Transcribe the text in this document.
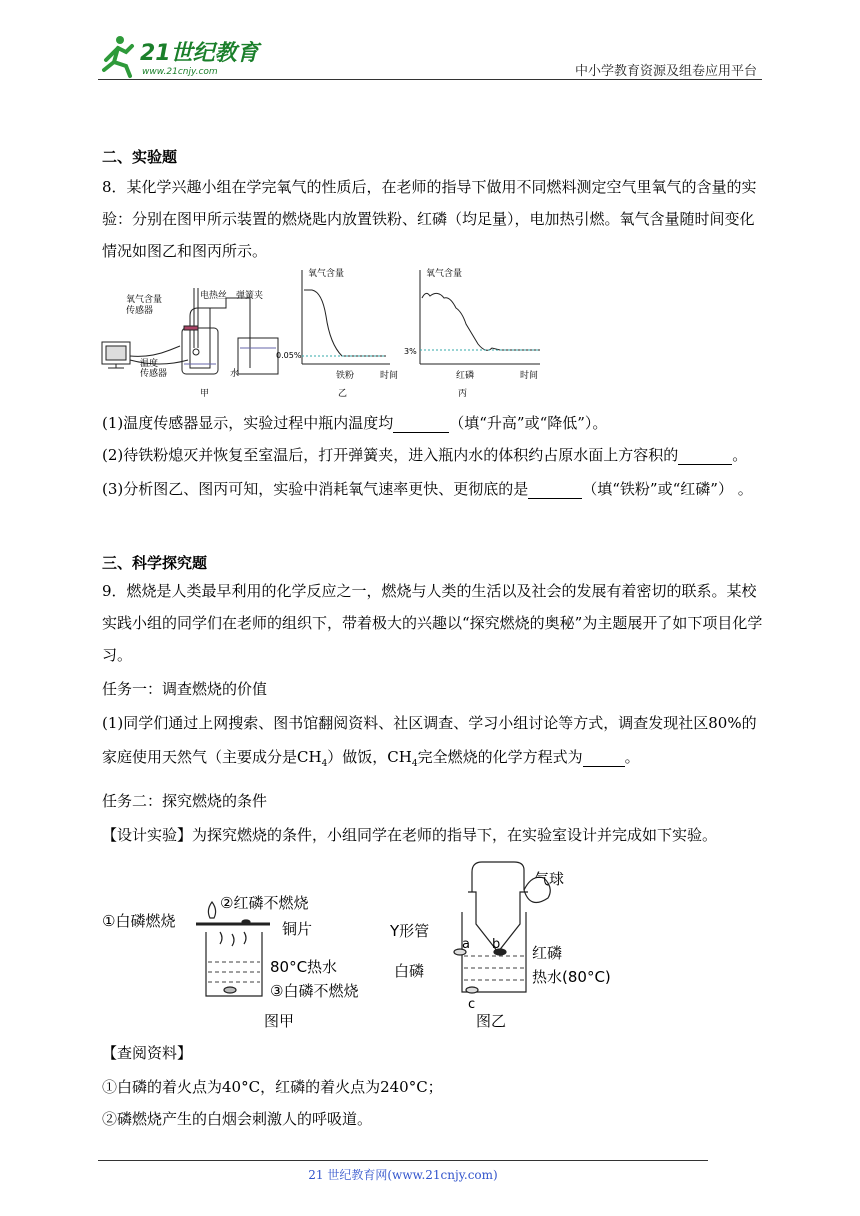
21世纪教育
www.21cnjy.com	中小学教育资源及组卷应用平台
二、实验题
8．某化学兴趣小组在学完氧气的性质后，在老师的指导下做用不同燃料测定空气里氧气的含量的实
验：分别在图甲所示装置的燃烧匙内放置铁粉、红磷（均足量），电加热引燃。氧气含量随时间变化
情况如图乙和图丙所示。
氧气含量
传感器
电热丝 弹簧夹
温度
传感器	水
甲
氧气含量
0.05%
铁粉	时间
乙
氧气含量
3%
红磷	时间
丙
(1)温度传感器显示，实验过程中瓶内温度均	（填“升高”或“降低”）。
(2)待铁粉熄灭并恢复至室温后，打开弹簧夹，进入瓶内水的体积约占原水面上方容积的	。
(3)分析图乙、图丙可知，实验中消耗氧气速率更快、更彻底的是	（填“铁粉”或“红磷”） 。
三、科学探究题
9．燃烧是人类最早利用的化学反应之一，燃烧与人类的生活以及社会的发展有着密切的联系。某校
实践小组的同学们在老师的组织下，带着极大的兴趣以“探究燃烧的奥秘”为主题展开了如下项目化学
习。
任务一：调查燃烧的价值
(1)同学们通过上网搜索、图书馆翻阅资料、社区调查、学习小组讨论等方式，调查发现社区80%的
家庭使用天然气（主要成分是$CH_4$）做饭，$CH_4$完全燃烧的化学方程式为	。
任务二：探究燃烧的条件
【设计实验】为探究燃烧的条件，小组同学在老师的指导下，在实验室设计并完成如下实验。
①白磷燃烧
②红磷不燃烧
铜片
80°C热水
③白磷不燃烧
图甲
气球
Y形管
a b
c
红磷
白磷	热水(80°C)
图乙
【查阅资料】
①白磷的着火点为40°C，红磷的着火点为240°C；
②磷燃烧产生的白烟会刺激人的呼吸道。
21 世纪教育网(www.21cnjy.com)
